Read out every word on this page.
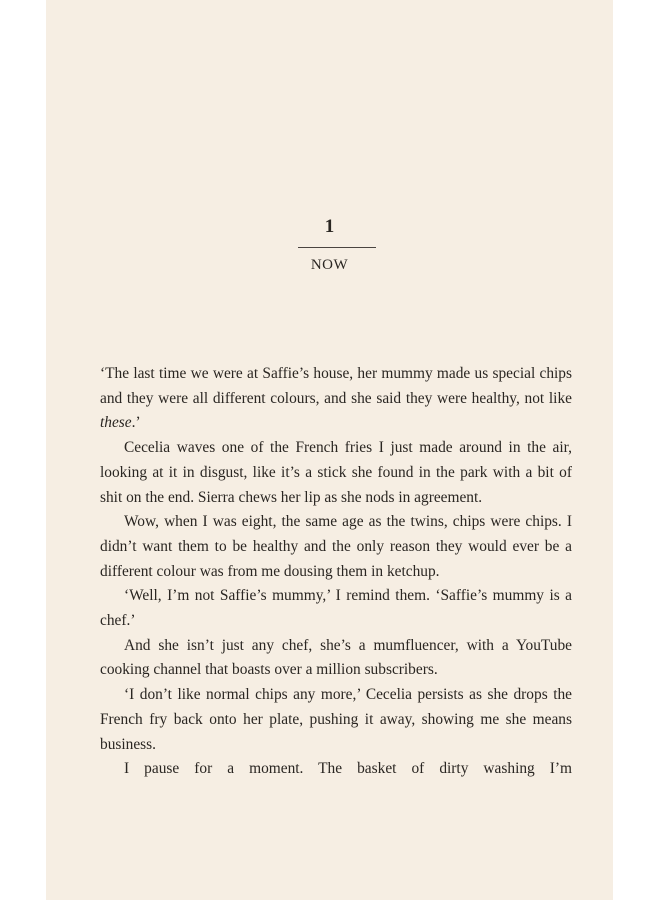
1
NOW

‘The last time we were at Saffie’s house, her mummy made us special chips and they were all different colours, and she said they were healthy, not like these.’

Cecelia waves one of the French fries I just made around in the air, looking at it in disgust, like it’s a stick she found in the park with a bit of shit on the end. Sierra chews her lip as she nods in agreement.

Wow, when I was eight, the same age as the twins, chips were chips. I didn’t want them to be healthy and the only reason they would ever be a different colour was from me dousing them in ketchup.

‘Well, I’m not Saffie’s mummy,’ I remind them. ‘Saffie’s mummy is a chef.’

And she isn’t just any chef, she’s a mumfluencer, with a YouTube cooking channel that boasts over a million subscribers.

‘I don’t like normal chips any more,’ Cecelia persists as she drops the French fry back onto her plate, pushing it away, showing me she means business.

I pause for a moment. The basket of dirty washing I’m
